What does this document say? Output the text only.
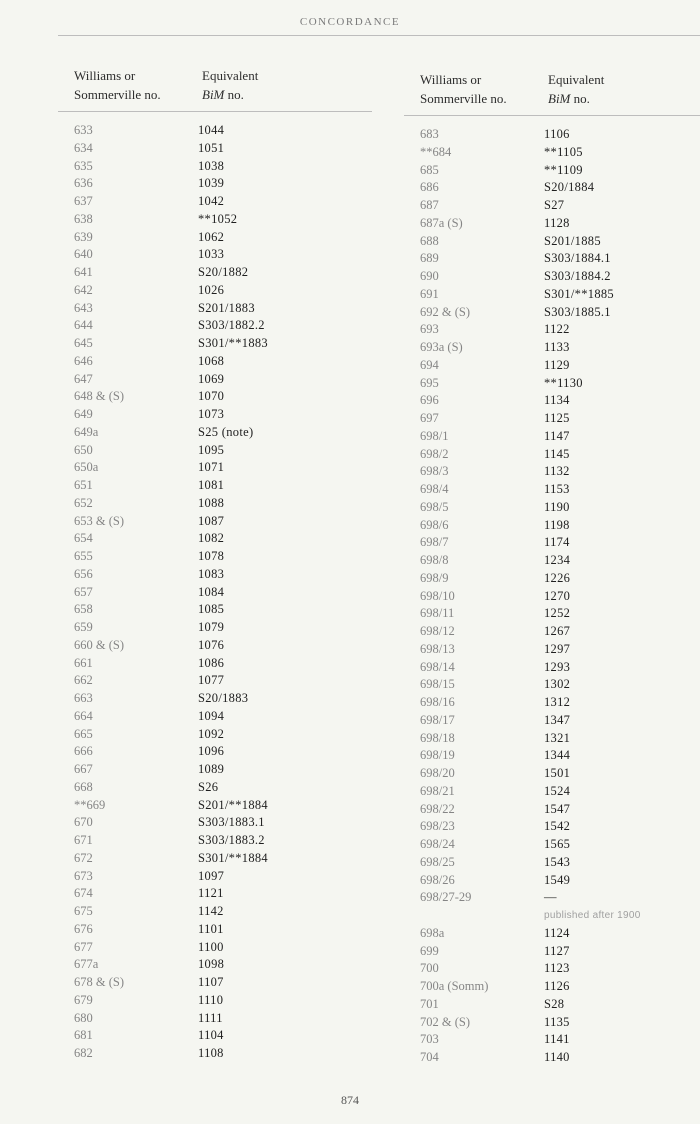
CONCORDANCE
Williams or
Sommerville no.
Equivalent
BiM no.
633	1044
634	1051
635	1038
636	1039
637	1042
638	**1052
639	1062
640	1033
641	S20/1882
642	1026
643	S201/1883
644	S303/1882.2
645	S301/**1883
646	1068
647	1069
648 & (S)	1070
649	1073
649a	S25 (note)
650	1095
650a	1071
651	1081
652	1088
653 & (S)	1087
654	1082
655	1078
656	1083
657	1084
658	1085
659	1079
660 & (S)	1076
661	1086
662	1077
663	S20/1883
664	1094
665	1092
666	1096
667	1089
668	S26
**669	S201/**1884
670	S303/1883.1
671	S303/1883.2
672	S301/**1884
673	1097
674	1121
675	1142
676	1101
677	1100
677a	1098
678 & (S)	1107
679	1110
680	1111
681	1104
682	1108
Williams or
Sommerville no.
Equivalent
BiM no.
683	1106
**684	**1105
685	**1109
686	S20/1884
687	S27
687a (S)	1128
688	S201/1885
689	S303/1884.1
690	S303/1884.2
691	S301/**1885
692 & (S)	S303/1885.1
693	1122
693a (S)	1133
694	1129
695	**1130
696	1134
697	1125
698/1	1147
698/2	1145
698/3	1132
698/4	1153
698/5	1190
698/6	1198
698/7	1174
698/8	1234
698/9	1226
698/10	1270
698/11	1252
698/12	1267
698/13	1297
698/14	1293
698/15	1302
698/16	1312
698/17	1347
698/18	1321
698/19	1344
698/20	1501
698/21	1524
698/22	1547
698/23	1542
698/24	1565
698/25	1543
698/26	1549
698/27-29	—
published after 1900
698a	1124
699	1127
700	1123
700a (Somm)	1126
701	S28
702 & (S)	1135
703	1141
704	1140
874
